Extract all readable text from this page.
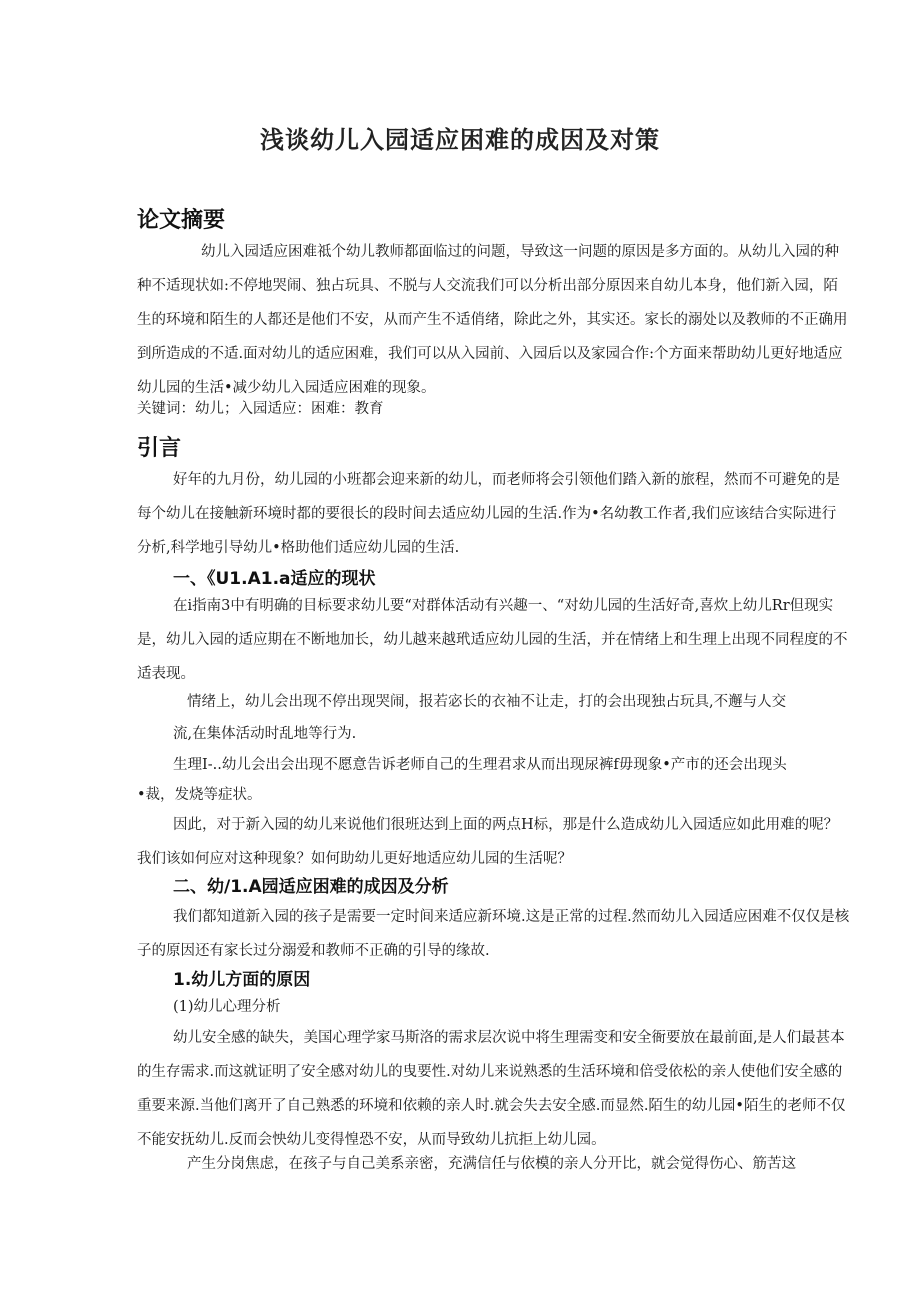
浅谈幼儿入园适应困难的成因及对策
论文摘要

幼儿入园适应困难祗个幼儿教师都面临过的问题，导致这一问题的原因是多方面的。从幼儿入园的种种不适现状如:不停地哭闹、独占玩具、不脱与人交流我们可以分析出部分原因来自幼儿本身，他们新入园，陌生的环境和陌生的人都还是他们不安，从而产生不适俏绪，除此之外，其实还。家长的溺处以及教师的不正确用到所造成的不适.面对幼儿的适应困难，我们可以从入园前、入园后以及家园合作:个方面来帮助幼儿更好地适应幼儿园的生活•减少幼儿入园适应困难的现象。

关键词：幼儿；入园适应：困难：教育

引言

好年的九月份，幼儿园的小班都会迎来新的幼儿，而老师将会引领他们踏入新的旅程，然而不可避免的是每个幼儿在接触新环境时都的要很长的段时间去适应幼儿园的生活.作为•名幼教工作者,我们应该结合实际进行分析,科学地引导幼儿•格助他们适应幼儿园的生活.

一、《U1.A1.a适应的现状

在i指南3中有明确的目标要求幼儿要“对群体活动有兴趣一、“对幼儿园的生活好奇,喜炊上幼儿Rr但现实是，幼儿入园的适应期在不断地加长，幼儿越来越玳适应幼儿园的生活，并在情绪上和生理上出现不同程度的不适表现。

情绪上，幼儿会出现不停出现哭闹，报若宓长的衣袖不让走，打的会出现独占玩具,不邂与人交

流,在集体活动时乱地等行为.

生理I-..幼儿会出会出现不愿意告诉老师自己的生理君求从而出现尿裤f毋现象•产市的还会出现头

•裁，发烧等症状。

因此，对于新入园的幼儿来说他们很班达到上面的两点H标，那是什么造成幼儿入园适应如此用难的呢？我们该如何应对这种现象？如何助幼儿更好地适应幼儿园的生活呢？

二、幼/1.A园适应困难的成因及分析

我们都知道新入园的孩子是需要一定时间来适应新环境.这是正常的过程.然而幼儿入园适应困难不仅仅是核子的原因还有家长过分溺爱和教师不正确的引导的缘故.

1.幼儿方面的原因

(1)幼儿心理分析

幼儿安全感的缺失，美国心理学家马斯洛的需求层次说中将生理需变和安全衙要放在最前面,是人们最甚本的生存需求.而这就证明了安全感对幼儿的曳要性.对幼儿来说熟悉的生活环境和倍受依松的亲人使他们安全感的重要来源.当他们离开了自己熟悉的环境和依赖的亲人时.就会失去安全感.而显然.陌生的幼儿园•陌生的老师不仅不能安抚幼儿.反而会怏幼儿变得惶恐不安，从而导致幼儿抗拒上幼儿园。

产生分岗焦虑，在孩子与自己美系亲密，充满信任与依模的亲人分开比，就会觉得伤心、筋苦这
